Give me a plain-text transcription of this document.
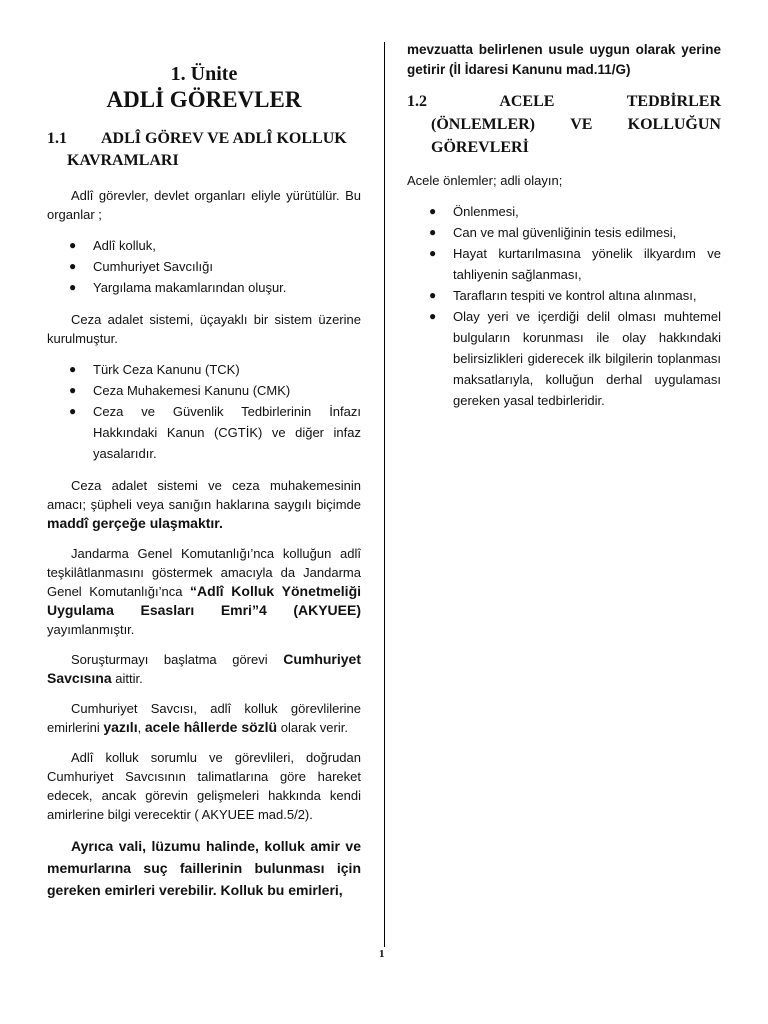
1. Ünite
ADLİ GÖREVLER
1.1 ADLÎ GÖREV VE ADLÎ KOLLUK
KAVRAMLARI

Adlî görevler, devlet organları eliyle yürütülür. Bu organlar ;

● Adlî kolluk,
● Cumhuriyet Savcılığı
● Yargılama makamlarından oluşur.

Ceza adalet sistemi, üçayaklı bir sistem üzerine kurulmuştur.

● Türk Ceza Kanunu (TCK)
● Ceza Muhakemesi Kanunu (CMK)
● Ceza ve Güvenlik Tedbirlerinin İnfazı Hakkındaki Kanun (CGTİK) ve diğer infaz yasalarıdır.

Ceza adalet sistemi ve ceza muhakemesinin amacı; şüpheli veya sanığın haklarına saygılı biçimde maddî gerçeğe ulaşmaktır.

Jandarma Genel Komutanlığı’nca kolluğun adlî teşkilâtlanmasını göstermek amacıyla da Jandarma Genel Komutanlığı’nca “Adlî Kolluk Yönetmeliği Uygulama Esasları Emri”4 (AKYUEE) yayımlanmıştır.

Soruşturmayı başlatma görevi Cumhuriyet Savcısına aittir.

Cumhuriyet Savcısı, adlî kolluk görevlilerine emirlerini yazılı, acele hâllerde sözlü olarak verir.

Adlî kolluk sorumlu ve görevlileri, doğrudan Cumhuriyet Savcısının talimatlarına göre hareket edecek, ancak görevin gelişmeleri hakkında kendi amirlerine bilgi verecektir ( AKYUEE mad.5/2).

Ayrıca vali, lüzumu halinde, kolluk amir ve memurlarına suç faillerinin bulunması için gereken emirleri verebilir. Kolluk bu emirleri,

mevzuatta belirlenen usule uygun olarak yerine getirir (İl İdaresi Kanunu mad.11/G)

1.2	ACELE	TEDBİRLER
(ÖNLEMLER) VE KOLLUĞUN
GÖREVLERİ

Acele önlemler; adli olayın;

● Önlenmesi,
● Can ve mal güvenliğinin tesis edilmesi,
● Hayat kurtarılmasına yönelik ilkyardım ve tahliyenin sağlanması,
● Tarafların tespiti ve kontrol altına alınması,
● Olay yeri ve içerdiği delil olması muhtemel bulguların korunması ile olay hakkındaki belirsizlikleri giderecek ilk bilgilerin toplanması maksatlarıyla, kolluğun derhal uygulaması gereken yasal tedbirleridir.
1
